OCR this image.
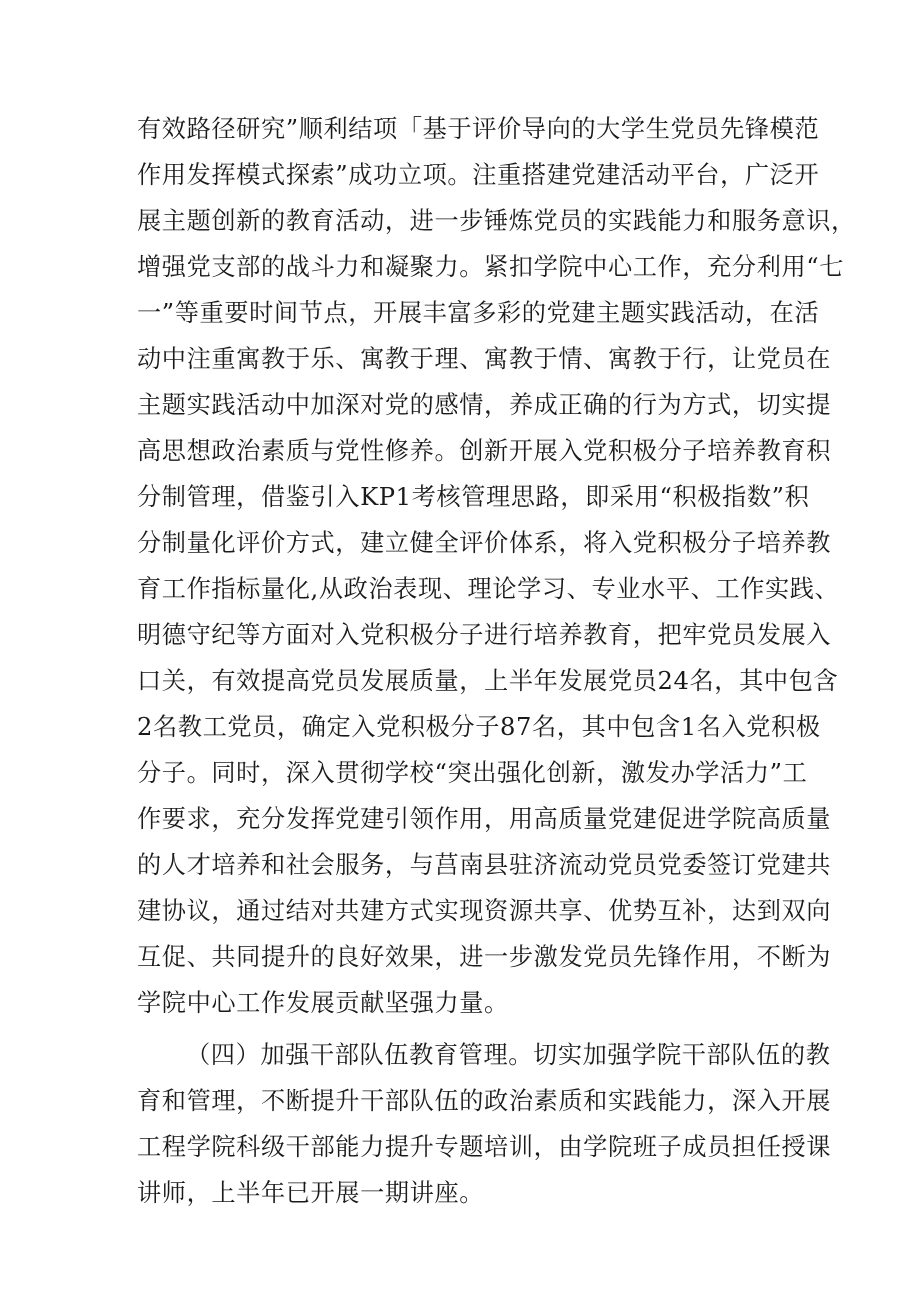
有效路径研究”顺利结项「基于评价导向的大学生党员先锋模范
作用发挥模式探索”成功立项。注重搭建党建活动平台，广泛开
展主题创新的教育活动，进一步锤炼党员的实践能力和服务意识，
增强党支部的战斗力和凝聚力。紧扣学院中心工作，充分利用“七
一”等重要时间节点，开展丰富多彩的党建主题实践活动，在活
动中注重寓教于乐、寓教于理、寓教于情、寓教于行，让党员在
主题实践活动中加深对党的感情，养成正确的行为方式，切实提
高思想政治素质与党性修养。创新开展入党积极分子培养教育积
分制管理，借鉴引入KP1考核管理思路，即采用“积极指数”积
分制量化评价方式，建立健全评价体系，将入党积极分子培养教
育工作指标量化,从政治表现、理论学习、专业水平、工作实践、
明德守纪等方面对入党积极分子进行培养教育，把牢党员发展入
口关，有效提高党员发展质量，上半年发展党员24名，其中包含
2名教工党员，确定入党积极分子87名，其中包含1名入党积极
分子。同时，深入贯彻学校“突出强化创新，激发办学活力”工
作要求，充分发挥党建引领作用，用高质量党建促进学院高质量
的人才培养和社会服务，与莒南县驻济流动党员党委签订党建共
建协议，通过结对共建方式实现资源共享、优势互补，达到双向
互促、共同提升的良好效果，进一步激发党员先锋作用，不断为
学院中心工作发展贡献坚强力量。
（四）加强干部队伍教育管理。切实加强学院干部队伍的教
育和管理，不断提升干部队伍的政治素质和实践能力，深入开展
工程学院科级干部能力提升专题培训，由学院班子成员担任授课
讲师，上半年已开展一期讲座。
